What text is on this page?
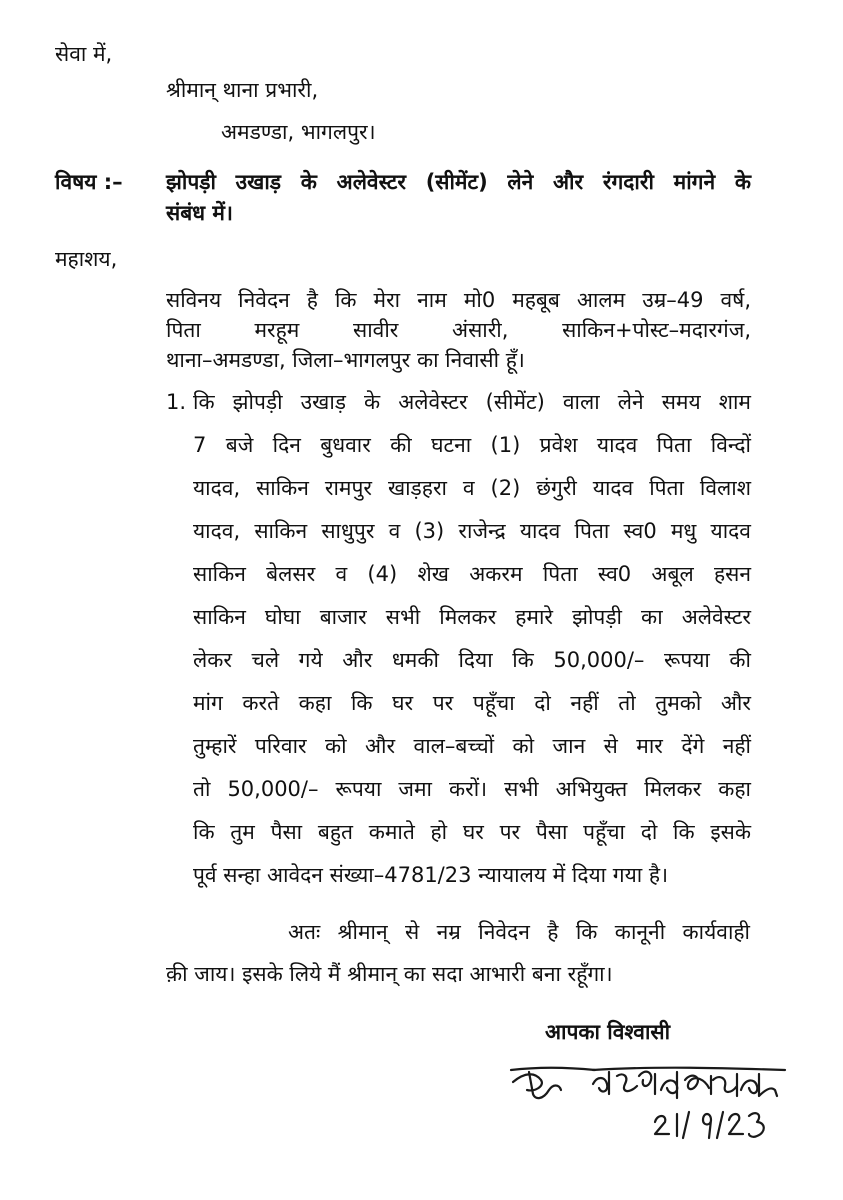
सेवा में,
श्रीमान् थाना प्रभारी,
अमडण्डा, भागलपुर।
विषय :– झोपड़ी उखाड़ के अलेवेस्टर (सीमेंट) लेने और रंगदारी मांगने के
संबंध में।
महाशय,
सविनय निवेदन है कि मेरा नाम मो0 महबूब आलम उम्र–49 वर्ष,
पिता मरहूम सावीर अंसारी, साकिन+पोस्ट–मदारगंज,
थाना–अमडण्डा, जिला–भागलपुर का निवासी हूँ।
1. कि झोपड़ी उखाड़ के अलेवेस्टर (सीमेंट) वाला लेने समय शाम
7 बजे दिन बुधवार की घटना (1) प्रवेश यादव पिता विन्दों
यादव, साकिन रामपुर खाड़हरा व (2) छंगुरी यादव पिता विलाश
यादव, साकिन साधुपुर व (3) राजेन्द्र यादव पिता स्व0 मधु यादव
साकिन बेलसर व (4) शेख अकरम पिता स्व0 अबूल हसन
साकिन घोघा बाजार सभी मिलकर हमारे झोपड़ी का अलेवेस्टर
लेकर चले गये और धमकी दिया कि 50,000/– रूपया की
मांग करते कहा कि घर पर पहूँचा दो नहीं तो तुमको और
तुम्हारें परिवार को और वाल–बच्चों को जान से मार देंगे नहीं
तो 50,000/– रूपया जमा करों। सभी अभियुक्त मिलकर कहा
कि तुम पैसा बहुत कमाते हो घर पर पैसा पहूँचा दो कि इसके
पूर्व सन्हा आवेदन संख्या–4781/23 न्यायालय में दिया गया है।
अतः श्रीमान् से नम्र निवेदन है कि कानूनी कार्यवाही
क़ी जाय। इसके लिये मैं श्रीमान् का सदा आभारी बना रहूँगा।
आपका विश्वासी
